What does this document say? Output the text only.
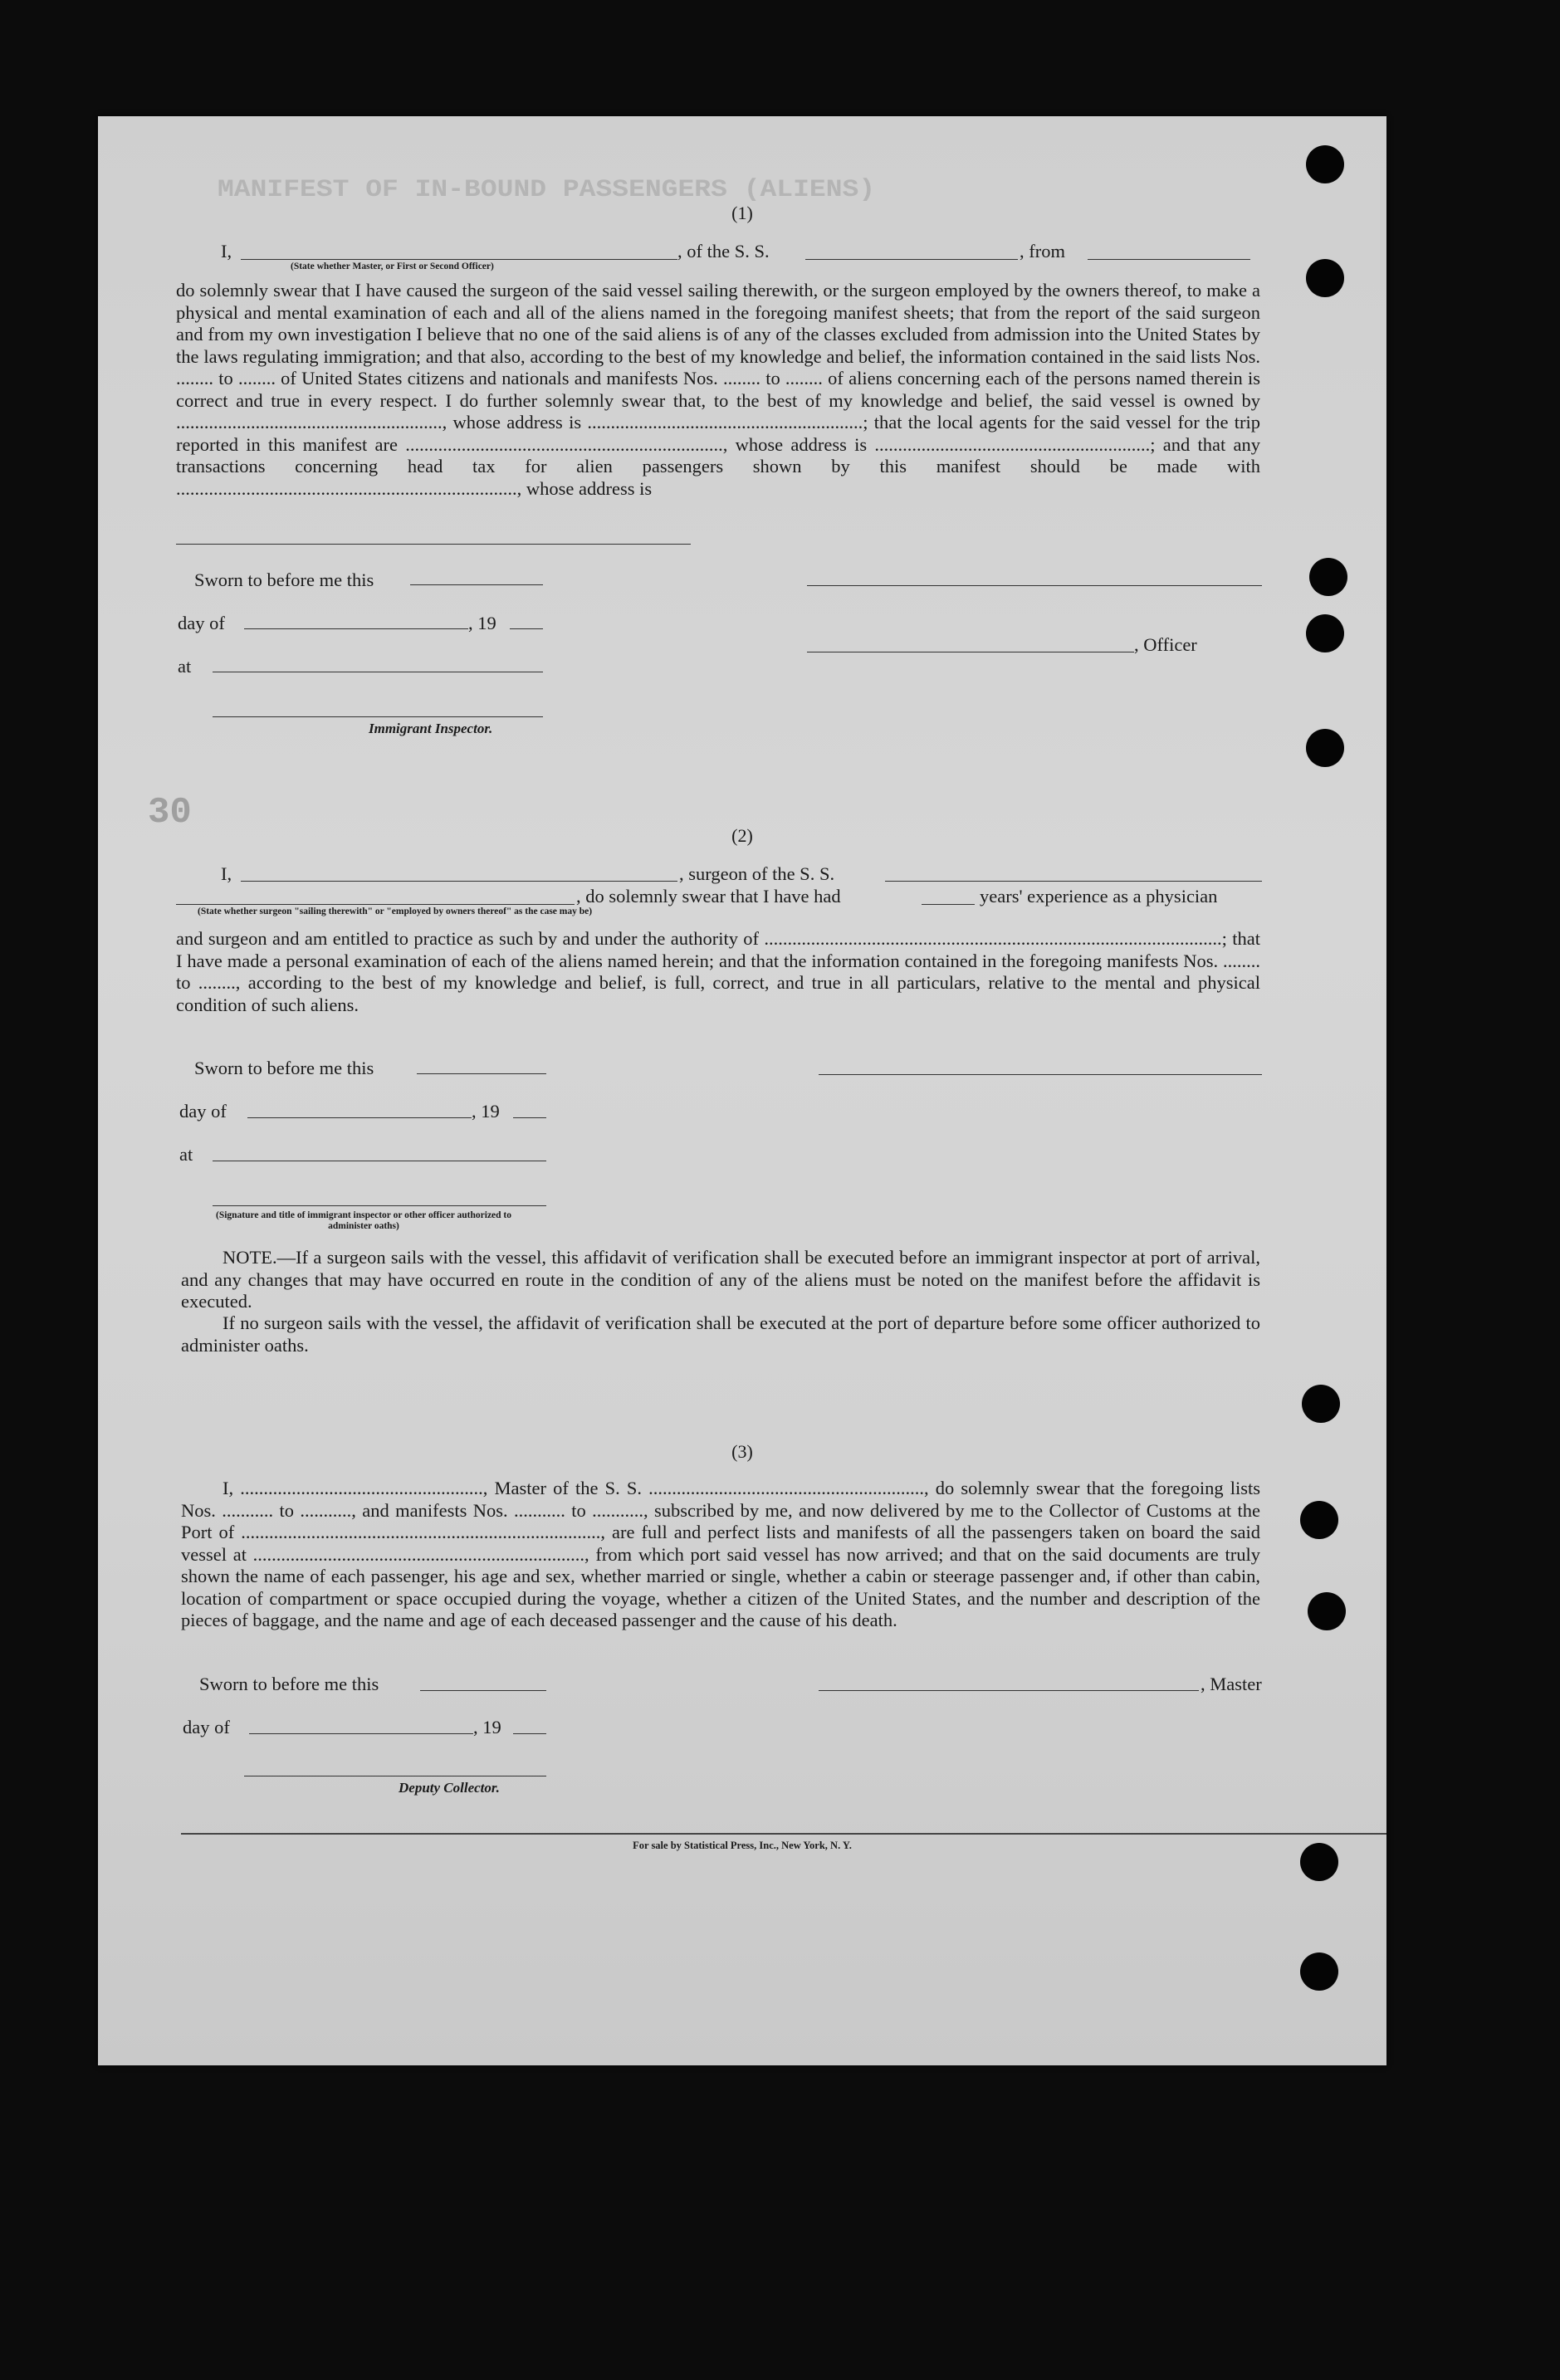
MANIFEST OF IN-BOUND PASSENGERS (ALIENS)
30
(1)
I,	, of the S. S.	, from
(State whether Master, or First or Second Officer)
do solemnly swear that I have caused the surgeon of the said vessel sailing therewith, or the surgeon employed by the owners thereof, to make a physical and mental examination of each and all of the aliens named in the foregoing manifest sheets; that from the report of the said surgeon and from my own investigation I believe that no one of the said aliens is of any of the classes excluded from admission into the United States by the laws regulating immigration; and that also, according to the best of my knowledge and belief, the information contained in the said lists Nos. ........ to ........ of United States citizens and nationals and manifests Nos. ........ to ........ of aliens concerning each of the persons named therein is correct and true in every respect. I do further solemnly swear that, to the best of my knowledge and belief, the said vessel is owned by ........................................................., whose address is ...........................................................; that the local agents for the said vessel for the trip reported in this manifest are ...................................................................., whose address is ...........................................................; and that any transactions concerning head tax for alien passengers shown by this manifest should be made with ........................................................................., whose address is
Sworn to before me this
day of	, 19
at
Immigrant Inspector.
, Officer
(2)
I,	, surgeon of the S. S.
, do solemnly swear that I have had	years' experience as a physician
(State whether surgeon "sailing therewith" or "employed by owners thereof" as the case may be)
and surgeon and am entitled to practice as such by and under the authority of ..................................................................................................; that I have made a personal examination of each of the aliens named herein; and that the information contained in the foregoing manifests Nos. ........ to ........, according to the best of my knowledge and belief, is full, correct, and true in all particulars, relative to the mental and physical condition of such aliens.
Sworn to before me this
day of	, 19
at
(Signature and title of immigrant inspector or other officer authorized to administer oaths)
NOTE.—If a surgeon sails with the vessel, this affidavit of verification shall be executed before an immigrant inspector at port of arrival, and any changes that may have occurred en route in the condition of any of the aliens must be noted on the manifest before the affidavit is executed.
If no surgeon sails with the vessel, the affidavit of verification shall be executed at the port of departure before some officer authorized to administer oaths.
(3)
I, ...................................................., Master of the S. S. ..........................................................., do solemnly swear that the foregoing lists Nos. ........... to ..........., and manifests Nos. ........... to ..........., subscribed by me, and now delivered by me to the Collector of Customs at the Port of ............................................................................., are full and perfect lists and manifests of all the passengers taken on board the said vessel at ......................................................................., from which port said vessel has now arrived; and that on the said documents are truly shown the name of each passenger, his age and sex, whether married or single, whether a cabin or steerage passenger and, if other than cabin, location of compartment or space occupied during the voyage, whether a citizen of the United States, and the number and description of the pieces of baggage, and the name and age of each deceased passenger and the cause of his death.
Sworn to before me this
day of	, 19
Deputy Collector.
, Master
For sale by Statistical Press, Inc., New York, N. Y.
